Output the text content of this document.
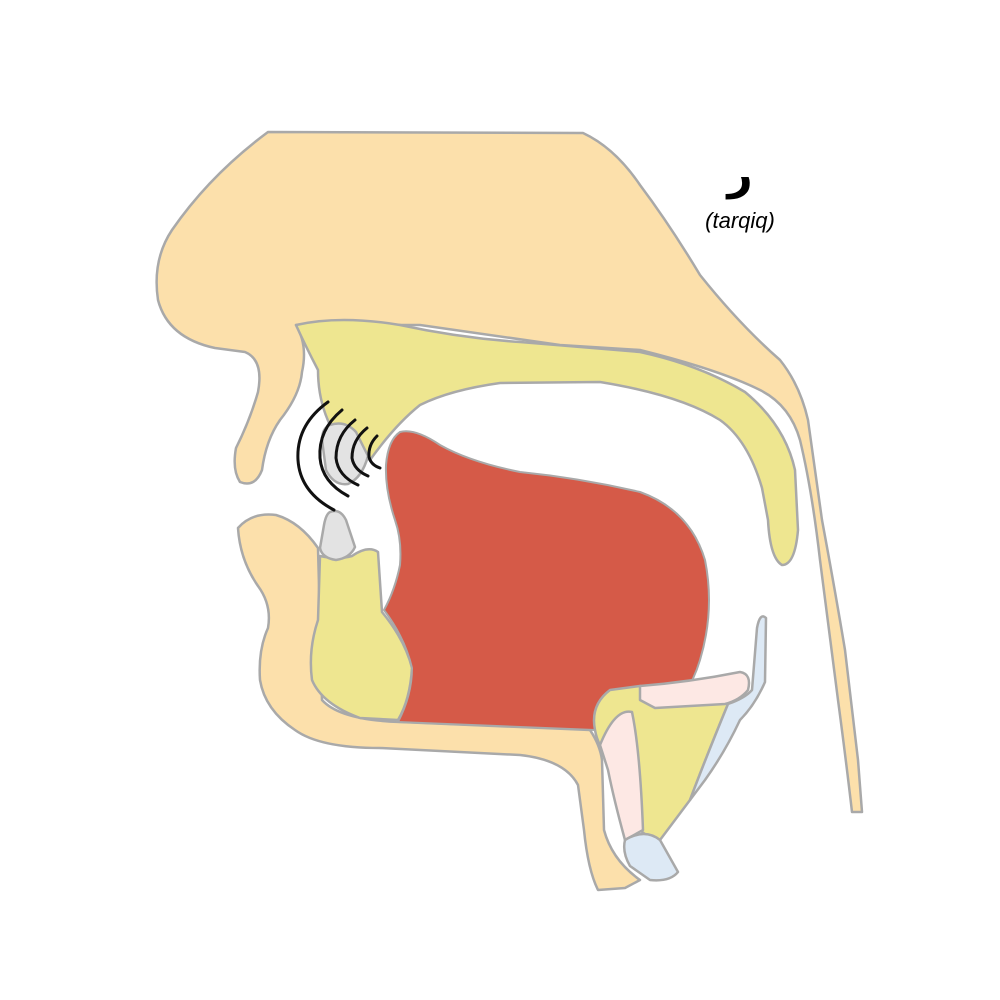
ر
(tarqiq)
